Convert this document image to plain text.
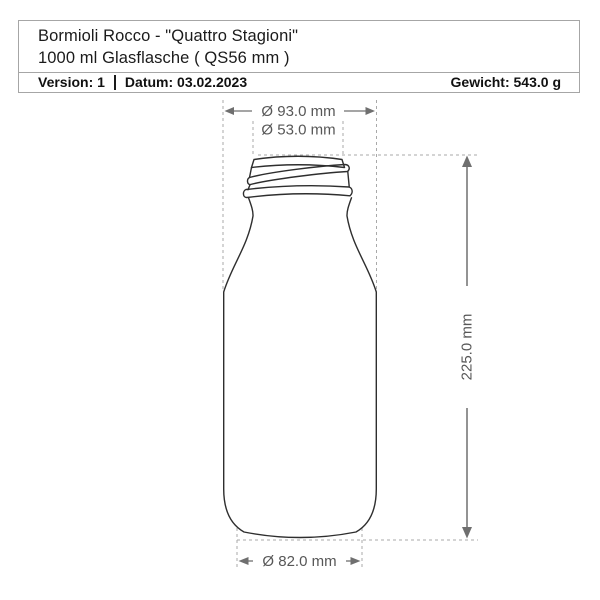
Bormioli Rocco - "Quattro Stagioni"
1000 ml Glasflasche ( QS56 mm )
Version: 1 Datum: 03.02.2023	Gewicht: 543.0 g
Ø 93.0 mm
Ø 53.0 mm
225.0 mm
Ø 82.0 mm
